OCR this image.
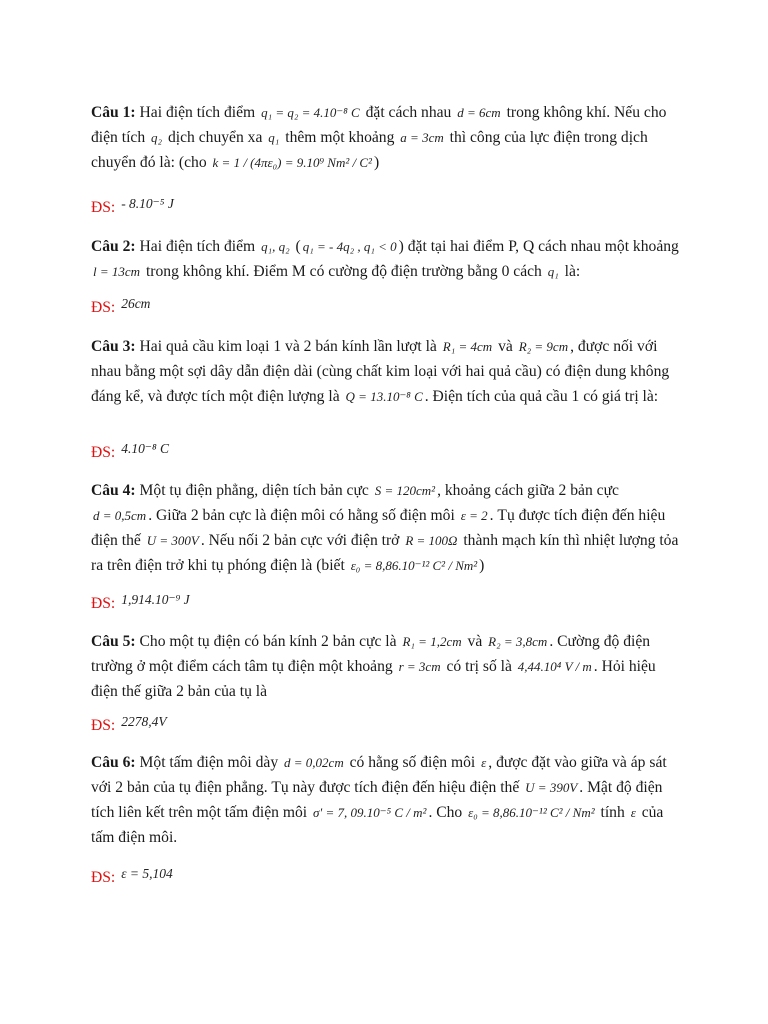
Câu 1: Hai điện tích điểm q₁ = q₂ = 4.10⁻⁸ C đặt cách nhau d = 6cm trong không khí. Nếu cho điện tích q₂ dịch chuyển xa q₁ thêm một khoảng a = 3cm thì công của lực điện trong dịch chuyển đó là: (cho k = 1 / (4πε₀) = 9.10⁹ Nm² / C² )
ĐS: - 8.10⁻⁵ J
Câu 2: Hai điện tích điểm q₁, q₂ ( q₁ = - 4q₂ , q₁ < 0 ) đặt tại hai điểm P, Q cách nhau một khoảng l = 13cm trong không khí. Điểm M có cường độ điện trường bằng 0 cách q₁ là:
ĐS: 26cm
Câu 3: Hai quả cầu kim loại 1 và 2 bán kính lần lượt là R₁ = 4cm và R₂ = 9cm , được nối với nhau bằng một sợi dây dẫn điện dài (cùng chất kim loại với hai quả cầu) có điện dung không đáng kể, và được tích một điện lượng là Q = 13.10⁻⁸ C . Điện tích của quả cầu 1 có giá trị là:
ĐS: 4.10⁻⁸ C
Câu 4: Một tụ điện phẳng, diện tích bản cực S = 120cm² , khoảng cách giữa 2 bản cực d = 0,5cm . Giữa 2 bản cực là điện môi có hằng số điện môi ε = 2 . Tụ được tích điện đến hiệu điện thế U = 300V . Nếu nối 2 bản cực với điện trở R = 100Ω thành mạch kín thì nhiệt lượng tỏa ra trên điện trở khi tụ phóng điện là (biết ε₀ = 8,86.10⁻¹² C² / Nm² )
ĐS: 1,914.10⁻⁹ J
Câu 5: Cho một tụ điện có bán kính 2 bản cực là R₁ = 1,2cm và R₂ = 3,8cm . Cường độ điện trường ở một điểm cách tâm tụ điện một khoảng r = 3cm có trị số là 4,44.10⁴ V / m . Hỏi hiệu điện thế giữa 2 bản của tụ là
ĐS: 2278,4V
Câu 6: Một tấm điện môi dày d = 0,02cm có hằng số điện môi ε , được đặt vào giữa và áp sát với 2 bản của tụ điện phẳng. Tụ này được tích điện đến hiệu điện thế U = 390V . Mật độ điện tích liên kết trên một tấm điện môi σ' = 7, 09.10⁻⁵ C / m² . Cho ε₀ = 8,86.10⁻¹² C² / Nm² tính ε của tấm điện môi.
ĐS: ε = 5,104
